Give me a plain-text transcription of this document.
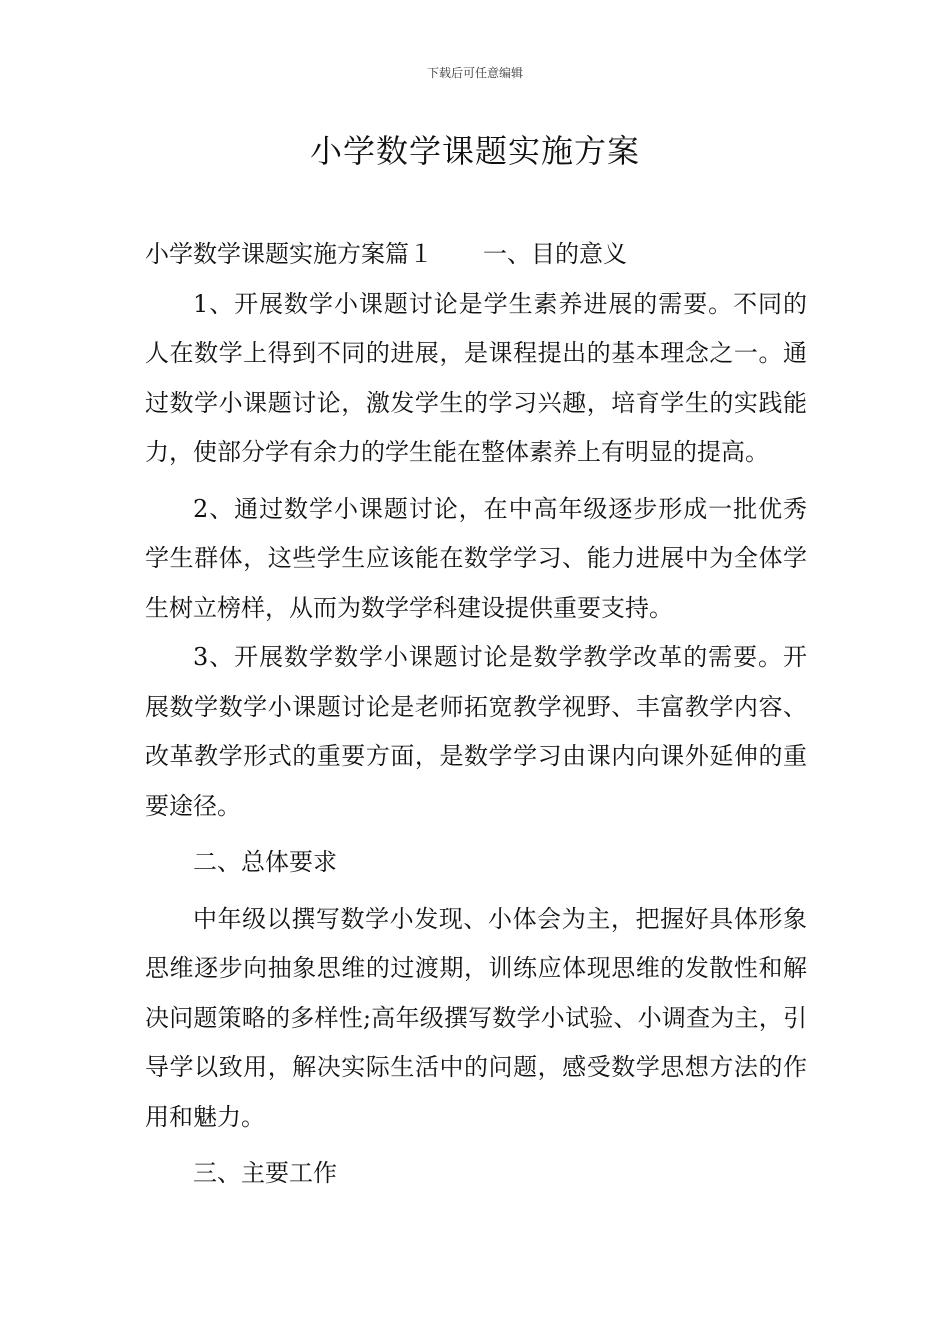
下载后可任意编辑
小学数学课题实施方案

小学数学课题实施方案篇１ 一、目的意义

1、开展数学小课题讨论是学生素养进展的需要。不同的人在数学上得到不同的进展，是课程提出的基本理念之一。通过数学小课题讨论，激发学生的学习兴趣，培育学生的实践能力，使部分学有余力的学生能在整体素养上有明显的提高。

2、通过数学小课题讨论，在中高年级逐步形成一批优秀学生群体，这些学生应该能在数学学习、能力进展中为全体学生树立榜样，从而为数学学科建设提供重要支持。

3、开展数学数学小课题讨论是数学教学改革的需要。开展数学数学小课题讨论是老师拓宽教学视野、丰富教学内容、改革教学形式的重要方面，是数学学习由课内向课外延伸的重要途径。

二、总体要求

中年级以撰写数学小发现、小体会为主，把握好具体形象思维逐步向抽象思维的过渡期，训练应体现思维的发散性和解决问题策略的多样性;高年级撰写数学小试验、小调查为主，引导学以致用，解决实际生活中的问题，感受数学思想方法的作用和魅力。

三、主要工作
